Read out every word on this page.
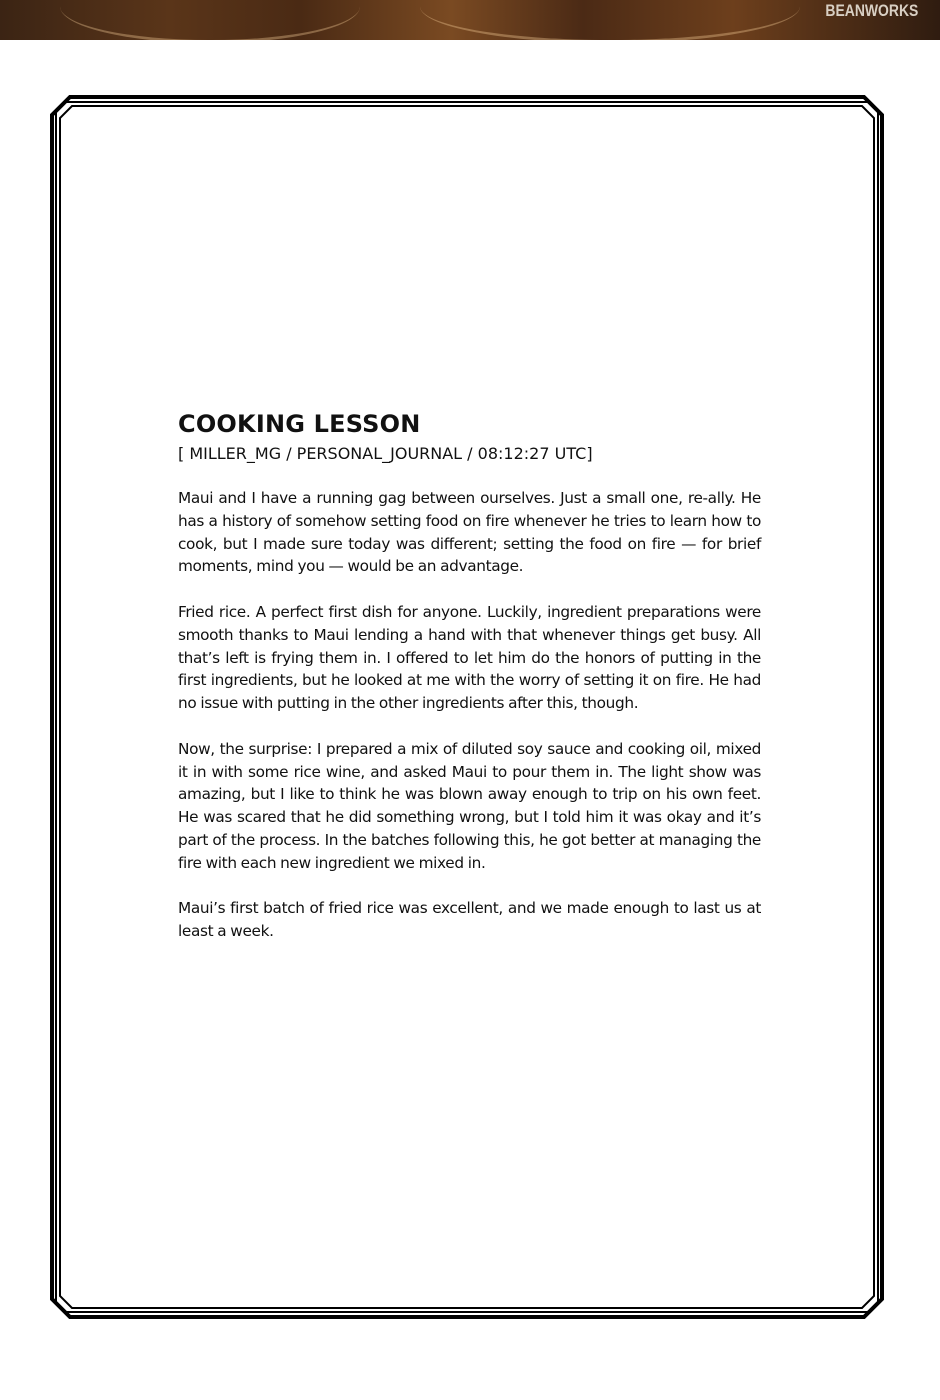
BEANWORKS
COOKING LESSON
[ MILLER_MG / PERSONAL_JOURNAL / 08:12:27 UTC]

Maui and I have a running gag between ourselves. Just a small one, re-ally. He has a history of somehow setting food on fire whenever he tries to learn how to cook, but I made sure today was different; setting the food on fire — for brief moments, mind you — would be an advantage.

Fried rice. A perfect first dish for anyone. Luckily, ingredient preparations were smooth thanks to Maui lending a hand with that whenever things get busy. All that’s left is frying them in. I offered to let him do the honors of putting in the first ingredients, but he looked at me with the worry of setting it on fire. He had no issue with putting in the other ingredients after this, though.

Now, the surprise: I prepared a mix of diluted soy sauce and cooking oil, mixed it in with some rice wine, and asked Maui to pour them in. The light show was amazing, but I like to think he was blown away enough to trip on his own feet. He was scared that he did something wrong, but I told him it was okay and it’s part of the process. In the batches following this, he got better at managing the fire with each new ingredient we mixed in.

Maui’s first batch of fried rice was excellent, and we made enough to last us at least a week.
